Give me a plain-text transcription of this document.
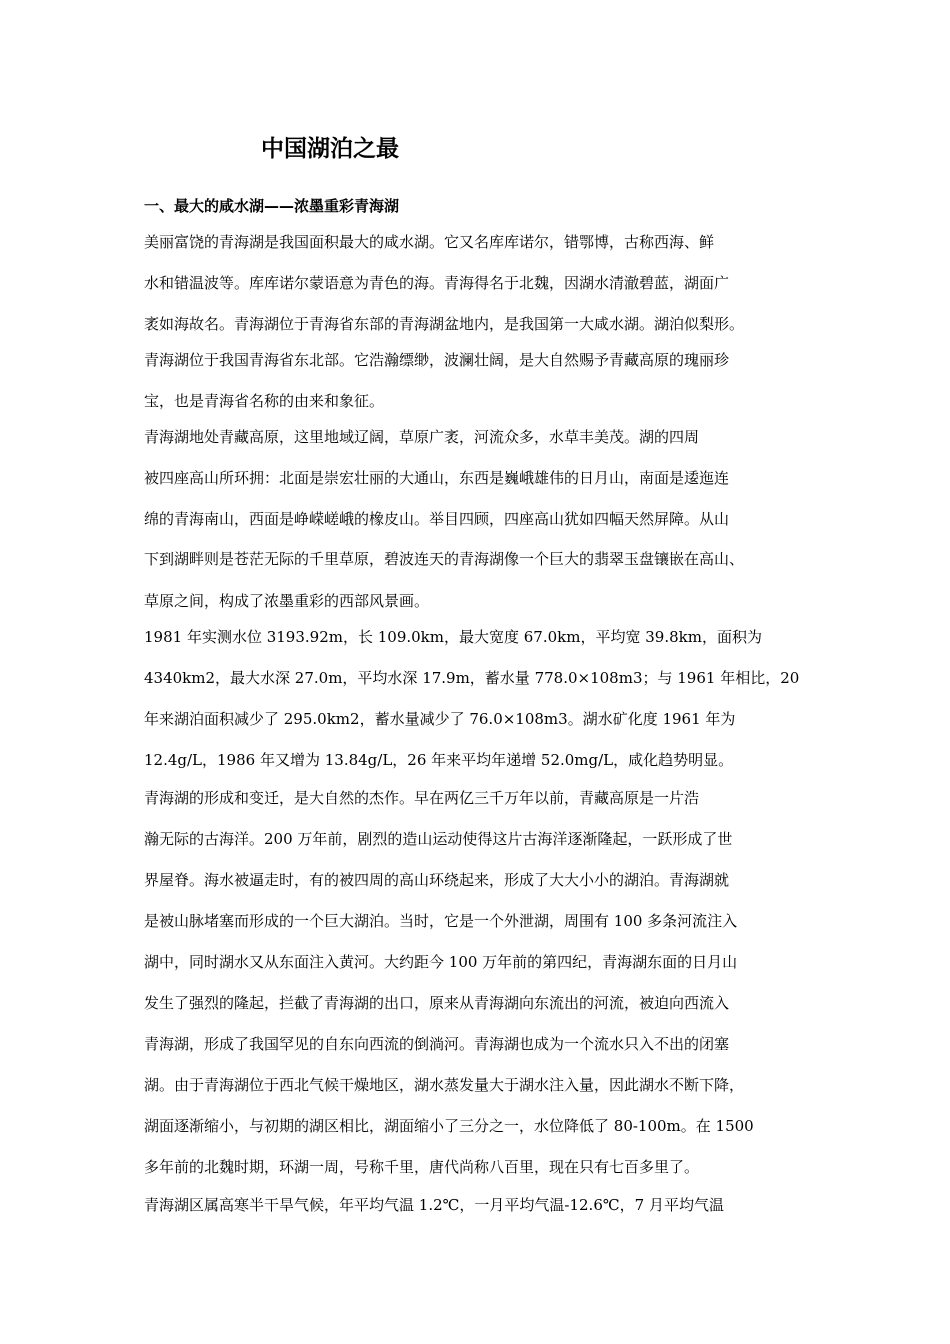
中国湖泊之最
一、最大的咸水湖——浓墨重彩青海湖
美丽富饶的青海湖是我国面积最大的咸水湖。它又名库库诺尔，错鄂博，古称西海、鲜
水和错温波等。库库诺尔蒙语意为青色的海。青海得名于北魏，因湖水清澈碧蓝，湖面广
袤如海故名。青海湖位于青海省东部的青海湖盆地内，是我国第一大咸水湖。湖泊似梨形。
青海湖位于我国青海省东北部。它浩瀚缥缈，波澜壮阔，是大自然赐予青藏高原的瑰丽珍
宝，也是青海省名称的由来和象征。
青海湖地处青藏高原，这里地域辽阔，草原广袤，河流众多，水草丰美茂。湖的四周
被四座高山所环拥：北面是崇宏壮丽的大通山，东西是巍峨雄伟的日月山，南面是逶迤连
绵的青海南山，西面是峥嵘嵯峨的橡皮山。举目四顾，四座高山犹如四幅天然屏障。从山
下到湖畔则是苍茫无际的千里草原，碧波连天的青海湖像一个巨大的翡翠玉盘镶嵌在高山、
草原之间，构成了浓墨重彩的西部风景画。
1981 年实测水位 3193.92m，长 109.0km，最大宽度 67.0km，平均宽 39.8km，面积为
4340km2，最大水深 27.0m，平均水深 17.9m，蓄水量 778.0×108m3；与 1961 年相比，20
年来湖泊面积减少了 295.0km2，蓄水量减少了 76.0×108m3。湖水矿化度 1961 年为
12.4g/L，1986 年又增为 13.84g/L，26 年来平均年递增 52.0mg/L，咸化趋势明显。
青海湖的形成和变迁，是大自然的杰作。早在两亿三千万年以前，青藏高原是一片浩
瀚无际的古海洋。200 万年前，剧烈的造山运动使得这片古海洋逐渐隆起，一跃形成了世
界屋脊。海水被逼走时，有的被四周的高山环绕起来，形成了大大小小的湖泊。青海湖就
是被山脉堵塞而形成的一个巨大湖泊。当时，它是一个外泄湖，周围有 100 多条河流注入
湖中，同时湖水又从东面注入黄河。大约距今 100 万年前的第四纪，青海湖东面的日月山
发生了强烈的隆起，拦截了青海湖的出口，原来从青海湖向东流出的河流，被迫向西流入
青海湖，形成了我国罕见的自东向西流的倒淌河。青海湖也成为一个流水只入不出的闭塞
湖。由于青海湖位于西北气候干燥地区，湖水蒸发量大于湖水注入量，因此湖水不断下降，
湖面逐渐缩小，与初期的湖区相比，湖面缩小了三分之一，水位降低了 80-100m。在 1500
多年前的北魏时期，环湖一周，号称千里，唐代尚称八百里，现在只有七百多里了。
青海湖区属高寒半干旱气候，年平均气温 1.2℃，一月平均气温-12.6℃，7 月平均气温
